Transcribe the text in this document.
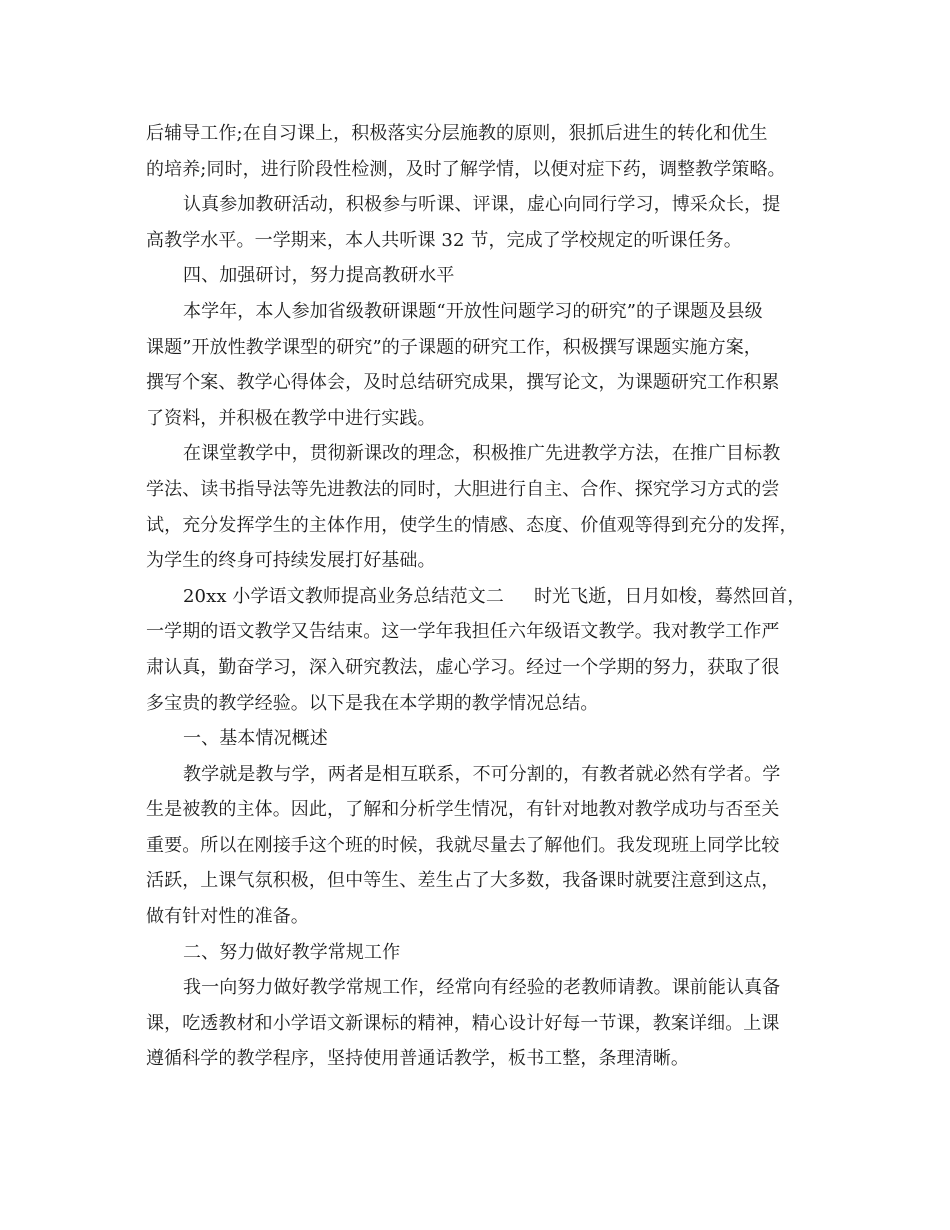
后辅导工作;在自习课上，积极落实分层施教的原则，狠抓后进生的转化和优生
的培养;同时，进行阶段性检测，及时了解学情，以便对症下药，调整教学策略。
认真参加教研活动，积极参与听课、评课，虚心向同行学习，博采众长，提
高教学水平。一学期来，本人共听课 32 节，完成了学校规定的听课任务。
四、加强研讨，努力提高教研水平
本学年，本人参加省级教研课题“开放性问题学习的研究”的子课题及县级
课题”开放性教学课型的研究”的子课题的研究工作，积极撰写课题实施方案，
撰写个案、教学心得体会，及时总结研究成果，撰写论文，为课题研究工作积累
了资料，并积极在教学中进行实践。
在课堂教学中，贯彻新课改的理念，积极推广先进教学方法，在推广目标教
学法、读书指导法等先进教法的同时，大胆进行自主、合作、探究学习方式的尝
试，充分发挥学生的主体作用，使学生的情感、态度、价值观等得到充分的发挥，
为学生的终身可持续发展打好基础。
20xx 小学语文教师提高业务总结范文二 时光飞逝，日月如梭，蓦然回首，
一学期的语文教学又告结束。这一学年我担任六年级语文教学。我对教学工作严
肃认真，勤奋学习，深入研究教法，虚心学习。经过一个学期的努力，获取了很
多宝贵的教学经验。以下是我在本学期的教学情况总结。
一、基本情况概述
教学就是教与学，两者是相互联系，不可分割的，有教者就必然有学者。学
生是被教的主体。因此，了解和分析学生情况，有针对地教对教学成功与否至关
重要。所以在刚接手这个班的时候，我就尽量去了解他们。我发现班上同学比较
活跃，上课气氛积极，但中等生、差生占了大多数，我备课时就要注意到这点，
做有针对性的准备。
二、努力做好教学常规工作
我一向努力做好教学常规工作，经常向有经验的老教师请教。课前能认真备
课，吃透教材和小学语文新课标的精神，精心设计好每一节课，教案详细。上课
遵循科学的教学程序，坚持使用普通话教学，板书工整，条理清晰。
